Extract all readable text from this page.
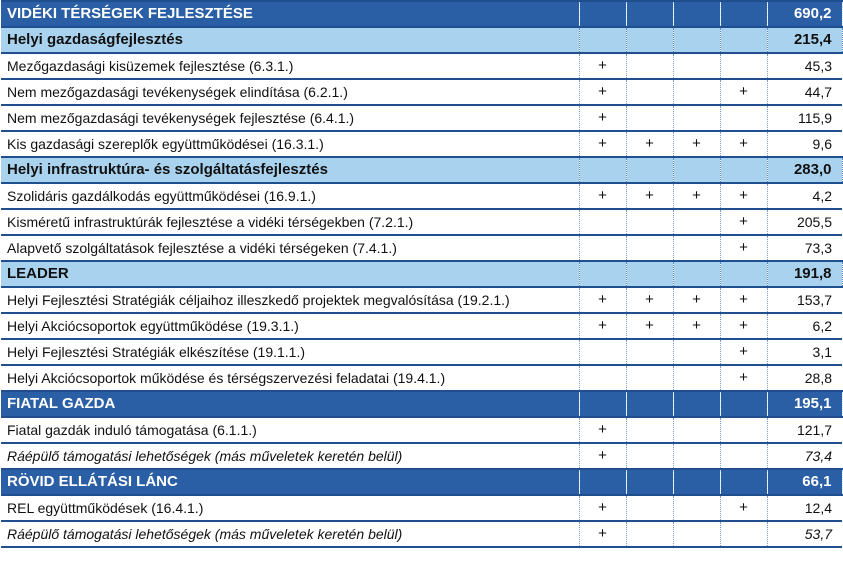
VIDÉKI TÉRSÉGEK FEJLESZTÉSE					690,2
Helyi gazdaságfejlesztés					215,4
Mezőgazdasági kisüzemek fejlesztése (6.3.1.)	+				45,3
Nem mezőgazdasági tevékenységek elindítása (6.2.1.)	+			+	44,7
Nem mezőgazdasági tevékenységek fejlesztése (6.4.1.)	+				115,9
Kis gazdasági szereplők együttműködései (16.3.1.)	+	+	+	+	9,6
Helyi infrastruktúra- és szolgáltatásfejlesztés					283,0
Szolidáris gazdálkodás együttműködései (16.9.1.)	+	+	+	+	4,2
Kisméretű infrastruktúrák fejlesztése a vidéki térségekben (7.2.1.)				+	205,5
Alapvető szolgáltatások fejlesztése a vidéki térségeken (7.4.1.)				+	73,3
LEADER					191,8
Helyi Fejlesztési Stratégiák céljaihoz illeszkedő projektek megvalósítása (19.2.1.)	+	+	+	+	153,7
Helyi Akciócsoportok együttműködése (19.3.1.)	+	+	+	+	6,2
Helyi Fejlesztési Stratégiák elkészítése (19.1.1.)				+	3,1
Helyi Akciócsoportok működése és térségszervezési feladatai (19.4.1.)				+	28,8
FIATAL GAZDA					195,1
Fiatal gazdák induló támogatása (6.1.1.)	+				121,7
Ráépülő támogatási lehetőségek (más műveletek keretén belül)	+				73,4
RÖVID ELLÁTÁSI LÁNC					66,1
REL együttműködések (16.4.1.)	+			+	12,4
Ráépülő támogatási lehetőségek (más műveletek keretén belül)	+				53,7
